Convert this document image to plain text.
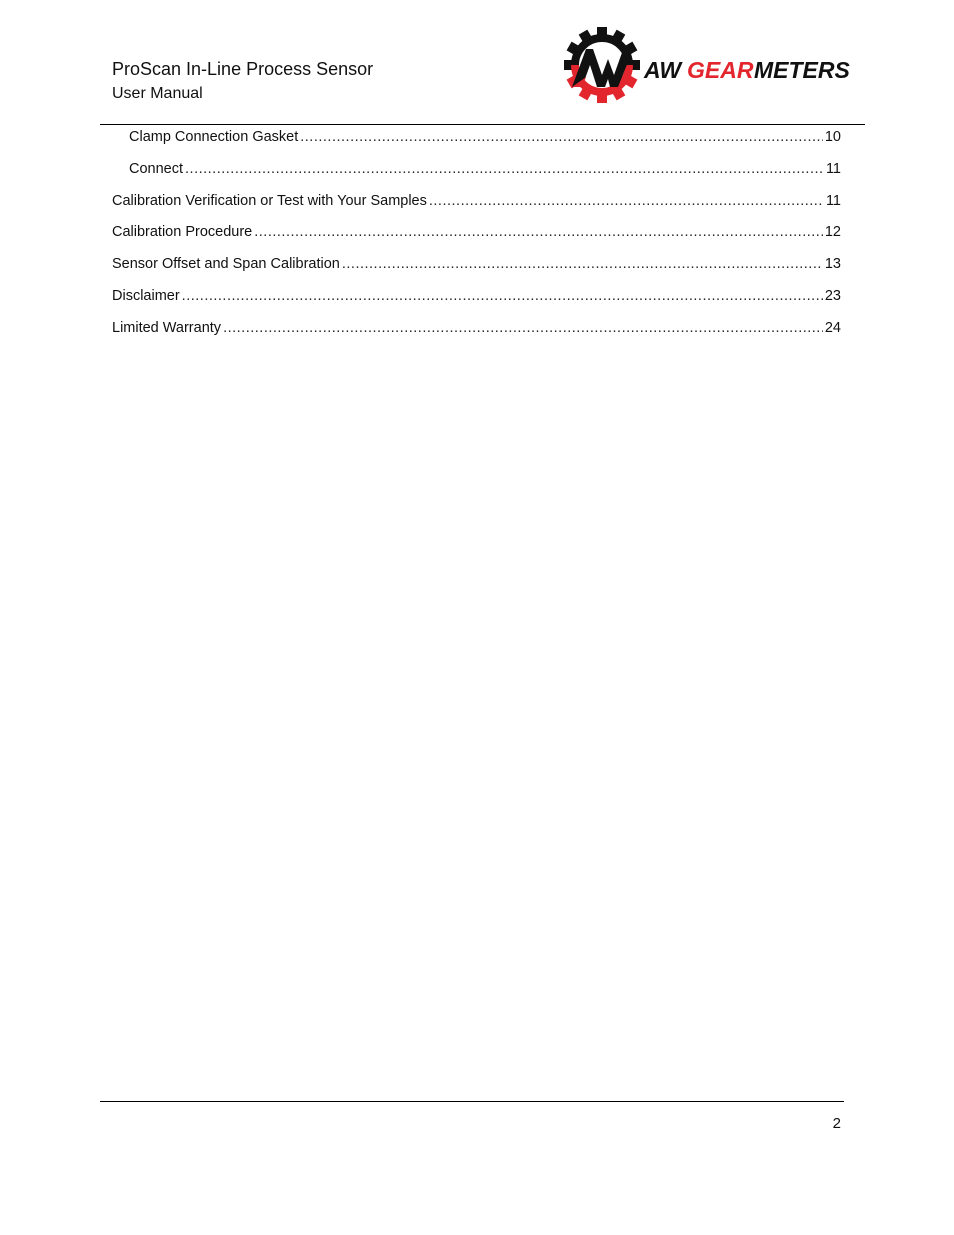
ProScan In-Line Process Sensor
User Manual
AW GEAR METERS
Clamp Connection Gasket .....	10
Connect .....	11
Calibration Verification or Test with Your Samples .....	11
Calibration Procedure .....	12
Sensor Offset and Span Calibration .....	13
Disclaimer .....	23
Limited Warranty .....	24
2
